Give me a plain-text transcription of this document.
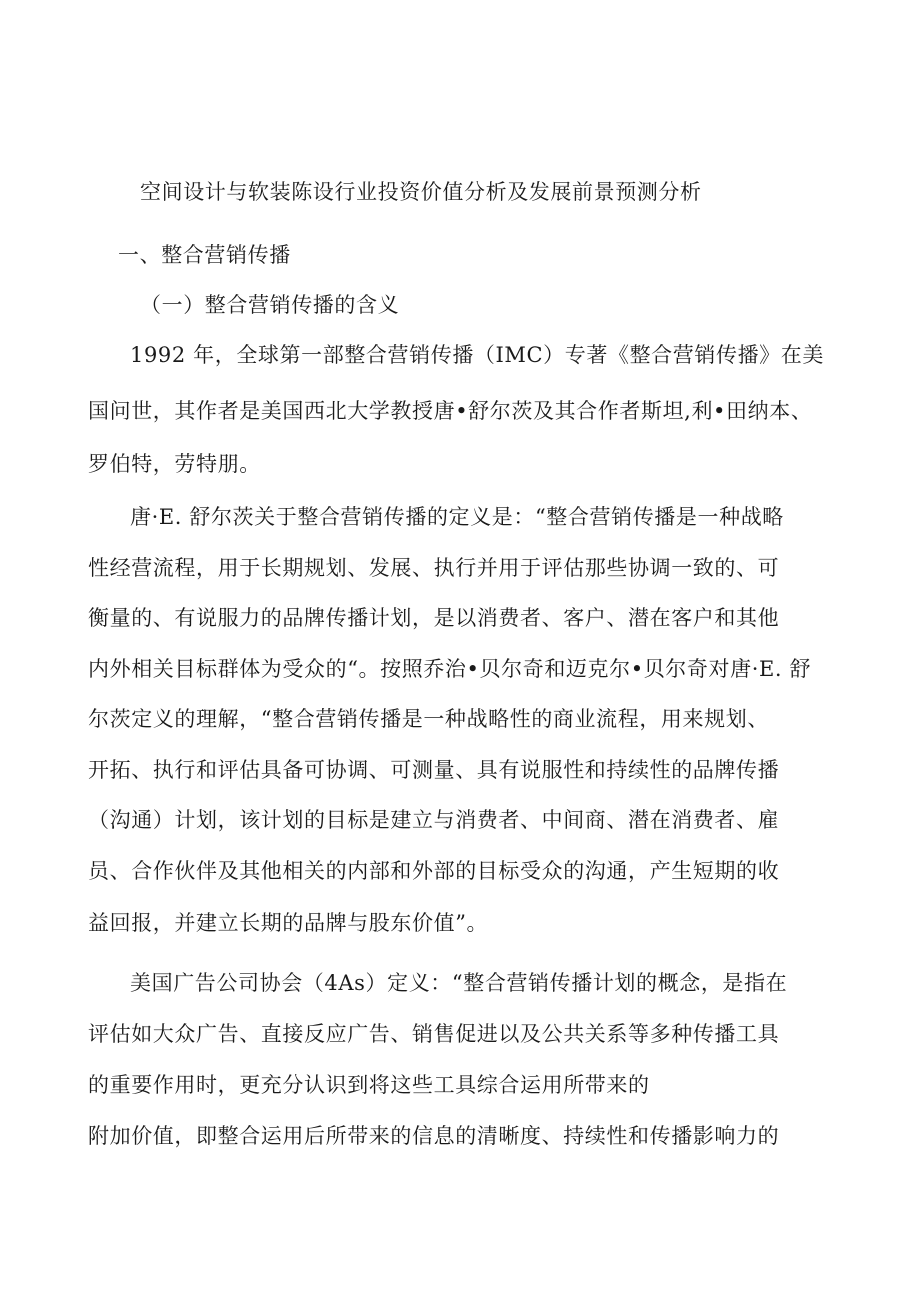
空间设计与软装陈设行业投资价值分析及发展前景预测分析
一、整合营销传播
（一）整合营销传播的含义
1992 年，全球第一部整合营销传播（IMC）专著《整合营销传播》在美
国问世，其作者是美国西北大学教授唐•舒尔茨及其合作者斯坦,利•田纳本、
罗伯特，劳特朋。
唐·E. 舒尔茨关于整合营销传播的定义是：“整合营销传播是一种战略
性经营流程，用于长期规划、发展、执行并用于评估那些协调一致的、可
衡量的、有说服力的品牌传播计划，是以消费者、客户、潜在客户和其他
内外相关目标群体为受众的“。按照乔治•贝尔奇和迈克尔•贝尔奇对唐·E. 舒
尔茨定义的理解，“整合营销传播是一种战略性的商业流程，用来规划、
开拓、执行和评估具备可协调、可测量、具有说服性和持续性的品牌传播
（沟通）计划，该计划的目标是建立与消费者、中间商、潜在消费者、雇
员、合作伙伴及其他相关的内部和外部的目标受众的沟通，产生短期的收
益回报，并建立长期的品牌与股东价值”。
美国广告公司协会（4As）定义：“整合营销传播计划的概念，是指在
评估如大众广告、直接反应广告、销售促进以及公共关系等多种传播工具
的重要作用时，更充分认识到将这些工具综合运用所带来的
附加价值，即整合运用后所带来的信息的清晰度、持续性和传播影响力的
